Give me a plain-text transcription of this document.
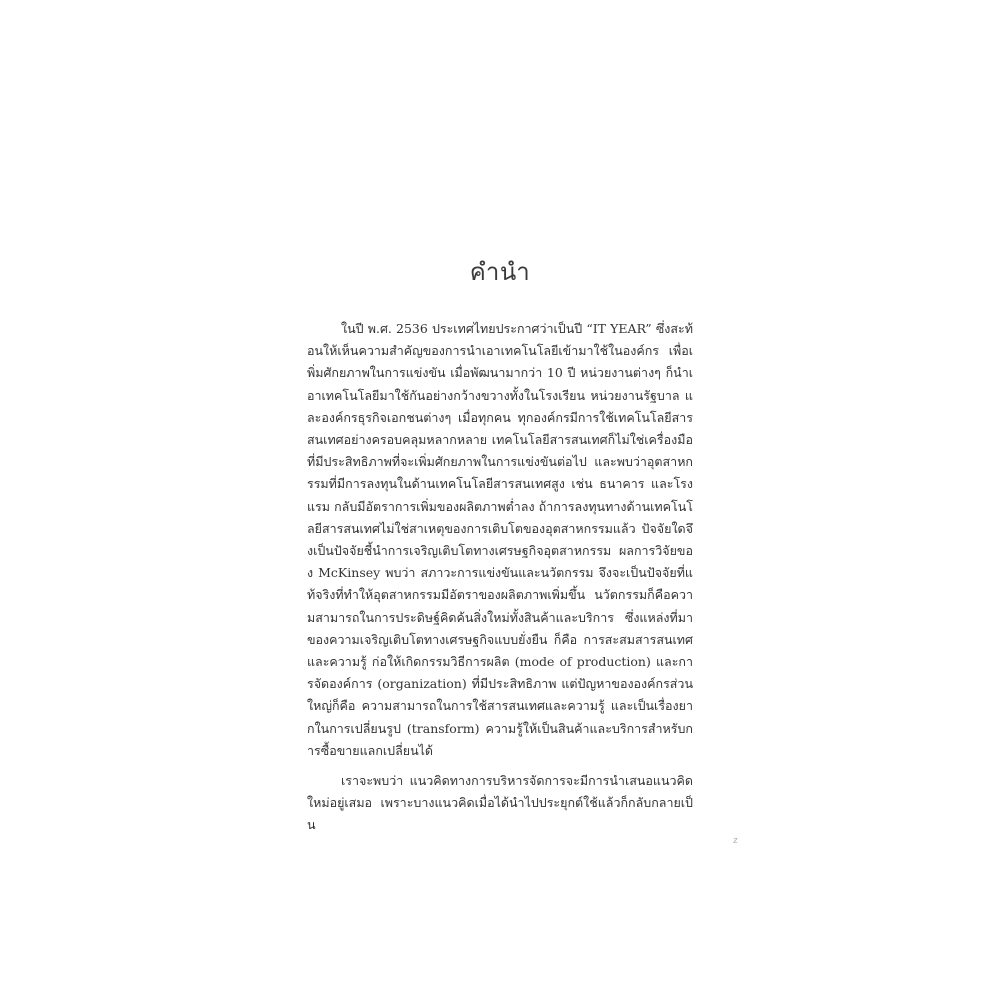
คำนำ

ในปี พ.ศ. 2536 ประเทศไทยประกาศว่าเป็นปี “IT YEAR” ซึ่งสะท้อนให้เห็นความสำคัญของการนำเอาเทคโนโลยีเข้ามาใช้ในองค์กร เพื่อเพิ่มศักยภาพในการแข่งขัน เมื่อพัฒนามากว่า 10 ปี หน่วยงานต่างๆ ก็นำเอาเทคโนโลยีมาใช้กันอย่างกว้างขวางทั้งในโรงเรียน หน่วยงานรัฐบาล และองค์กรธุรกิจเอกชนต่างๆ เมื่อทุกคน ทุกองค์กรมีการใช้เทคโนโลยีสารสนเทศอย่างครอบคลุมหลากหลาย เทคโนโลยีสารสนเทศก็ไม่ใช่เครื่องมือที่มีประสิทธิภาพที่จะเพิ่มศักยภาพในการแข่งขันต่อไป และพบว่าอุตสาหกรรมที่มีการลงทุนในด้านเทคโนโลยีสารสนเทศสูง เช่น ธนาคาร และโรงแรม กลับมีอัตราการเพิ่มของผลิตภาพต่ำลง ถ้าการลงทุนทางด้านเทคโนโลยีสารสนเทศไม่ใช่สาเหตุของการเติบโตของอุตสาหกรรมแล้ว ปัจจัยใดจึงเป็นปัจจัยชี้นำการเจริญเติบโตทางเศรษฐกิจอุตสาหกรรม ผลการวิจัยของ McKinsey พบว่า สภาวะการแข่งขันและนวัตกรรม จึงจะเป็นปัจจัยที่แท้จริงที่ทำให้อุตสาหกรรมมีอัตราของผลิตภาพเพิ่มขึ้น นวัตกรรมก็คือความสามารถในการประดิษฐ์คิดค้นสิ่งใหม่ทั้งสินค้าและบริการ ซึ่งแหล่งที่มาของความเจริญเติบโตทางเศรษฐกิจแบบยั่งยืน ก็คือ การสะสมสารสนเทศและความรู้ ก่อให้เกิดกรรมวิธีการผลิต (mode of production) และการจัดองค์การ (organization) ที่มีประสิทธิภาพ แต่ปัญหาขององค์กรส่วนใหญ่ก็คือ ความสามารถในการใช้สารสนเทศและความรู้ และเป็นเรื่องยากในการเปลี่ยนรูป (transform) ความรู้ให้เป็นสินค้าและบริการสำหรับการซื้อขายแลกเปลี่ยนได้

เราจะพบว่า แนวคิดทางการบริหารจัดการจะมีการนำเสนอแนวคิดใหม่อยู่เสมอ เพราะบางแนวคิดเมื่อได้นำไปประยุกต์ใช้แล้วก็กลับกลายเป็น

z
